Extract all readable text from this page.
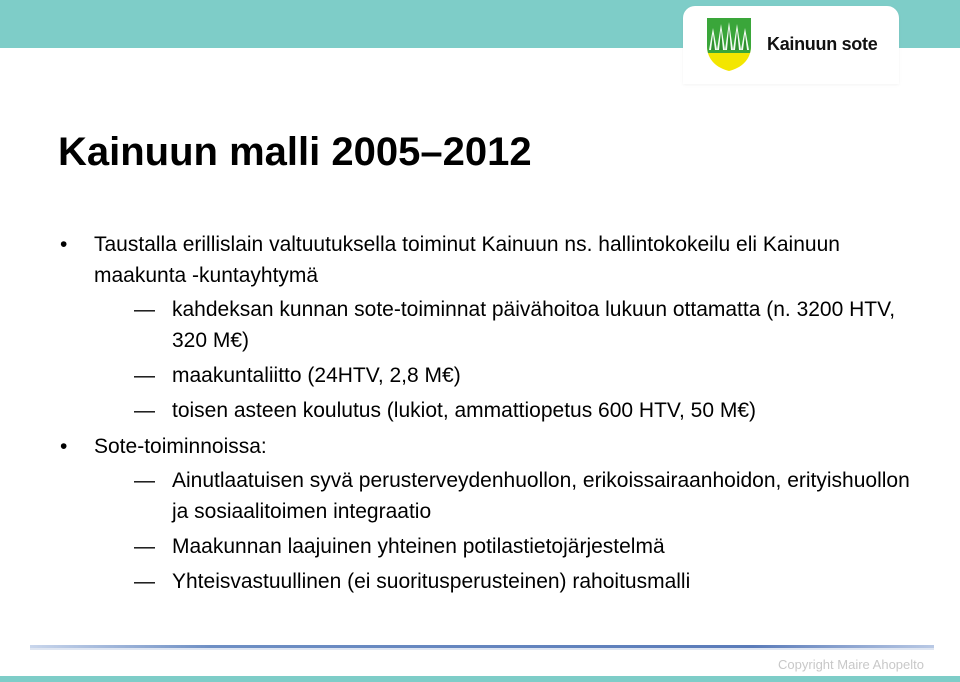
Kainuun sote
Kainuun malli 2005–2012
•	Taustalla erillislain valtuutuksella toiminut Kainuun ns. hallintokokeilu eli Kainuun maakunta -kuntayhtymä
— kahdeksan kunnan sote-toiminnat päivähoitoa lukuun ottamatta (n. 3200 HTV, 320 M€)
— maakuntaliitto (24HTV, 2,8 M€)
— toisen asteen koulutus (lukiot, ammattiopetus 600 HTV, 50 M€)
•	Sote-toiminnoissa:
— Ainutlaatuisen syvä perusterveydenhuollon, erikoissairaanhoidon, erityishuollon ja sosiaalitoimen integraatio
— Maakunnan laajuinen yhteinen potilastietojärjestelmä
— Yhteisvastuullinen (ei suoritusperusteinen) rahoitusmalli
Copyright Maire Ahopelto
